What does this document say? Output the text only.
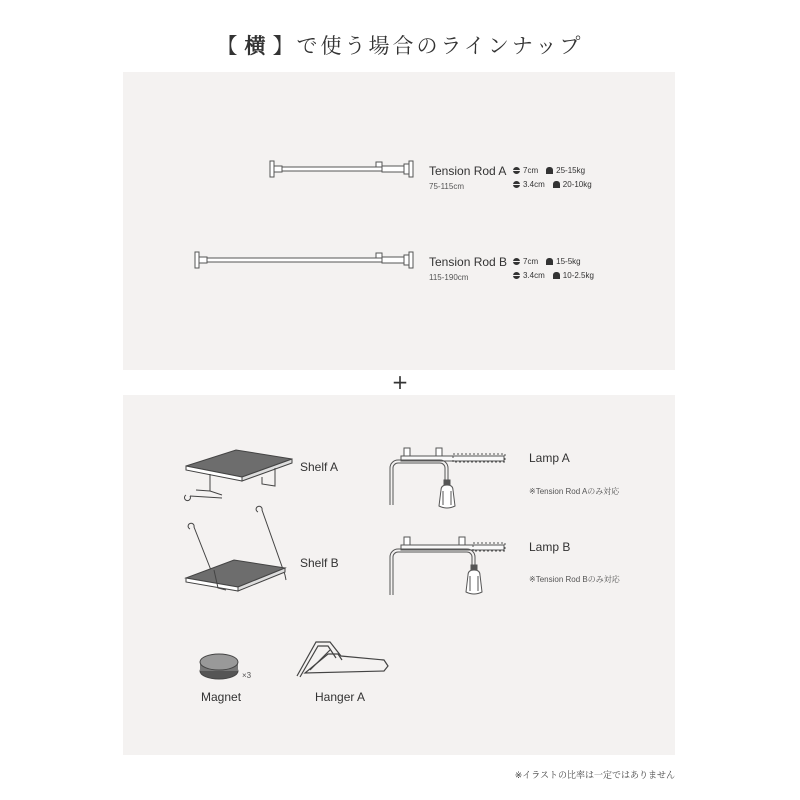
【 横 】で使う場合のラインナップ
+
Tension Rod A
75-115cm
7cm 25-15kg
3.4cm 20-10kg
Tension Rod B
115-190cm
7cm 15-5kg
3.4cm 10-2.5kg
Shelf A
Shelf B
×3
Magnet	Hanger A
Lamp A
※Tension Rod Aのみ対応
Lamp B
※Tension Rod Bのみ対応
※イラストの比率は一定ではありません
